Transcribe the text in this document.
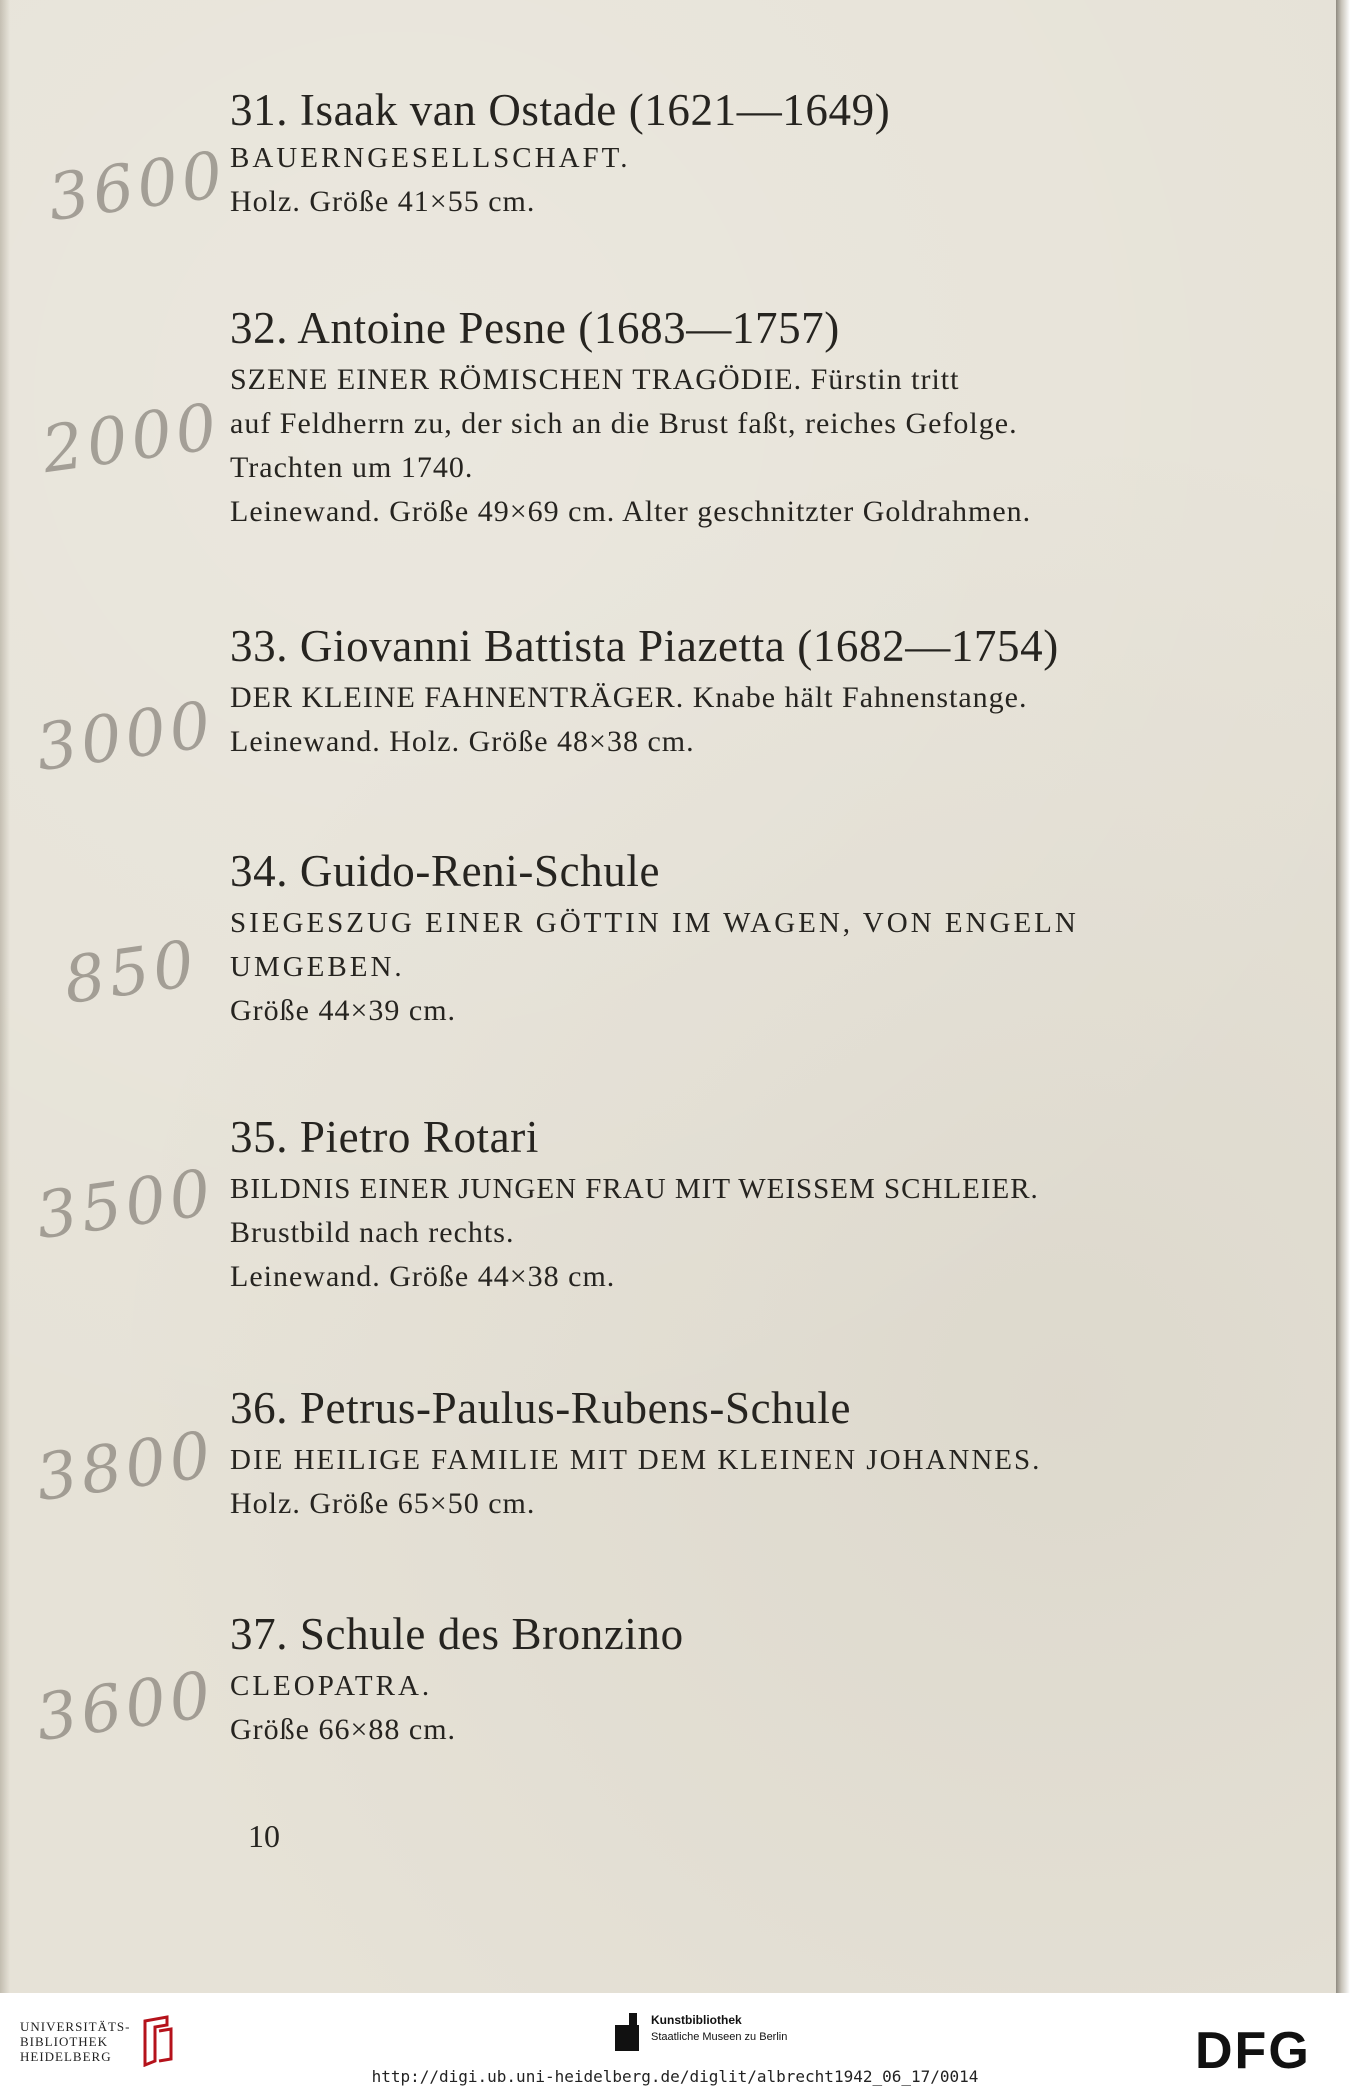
31. Isaak van Ostade (1621—1649)

BAUERNGESELLSCHAFT.

Holz. Größe 41×55 cm.

32. Antoine Pesne (1683—1757)

SZENE EINER RÖMISCHEN TRAGÖDIE. Fürstin tritt

auf Feldherrn zu, der sich an die Brust faßt, reiches Gefolge.

Trachten um 1740.

Leinewand. Größe 49×69 cm. Alter geschnitzter Goldrahmen.

33. Giovanni Battista Piazetta (1682—1754)

DER KLEINE FAHNENTRÄGER. Knabe hält Fahnenstange.

Leinewand. Holz. Größe 48×38 cm.

34. Guido-Reni-Schule

SIEGESZUG EINER GÖTTIN IM WAGEN, VON ENGELN

UMGEBEN.

Größe 44×39 cm.

35. Pietro Rotari

BILDNIS EINER JUNGEN FRAU MIT WEISSEM SCHLEIER.

Brustbild nach rechts.

Leinewand. Größe 44×38 cm.

36. Petrus-Paulus-Rubens-Schule

DIE HEILIGE FAMILIE MIT DEM KLEINEN JOHANNES.

Holz. Größe 65×50 cm.

37. Schule des Bronzino

CLEOPATRA.

Größe 66×88 cm.

3600
2000
3000
850
3500
3800
3600
10
UNIVERSITÄTS-
BIBLIOTHEK
HEIDELBERG
Kunstbibliothek
Staatliche Museen zu Berlin	DFG
http://digi.ub.uni-heidelberg.de/diglit/albrecht1942_06_17/0014
